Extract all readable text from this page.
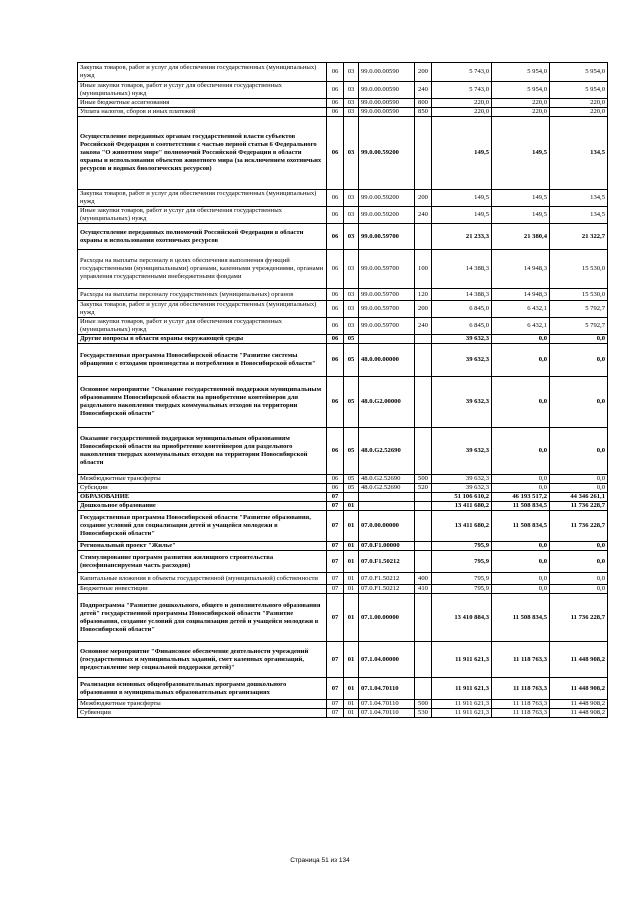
Закупка товаров, работ и услуг для обеспечения государственных (муниципальных) нужд	06	03	99.0.00.00590	200	5 743,0	5 954,0	5 954,0
Иные закупки товаров, работ и услуг для обеспечения государственных (муниципальных) нужд	06	03	99.0.00.00590	240	5 743,0	5 954,0	5 954,0
Иные бюджетные ассигнования	06	03	99.0.00.00590	800	220,0	220,0	220,0
Уплата налогов, сборов и иных платежей	06	03	99.0.00.00590	850	220,0	220,0	220,0
Осуществление переданных органам государственной власти субъектов Российской Федерации в соответствии с частью первой статьи 6 Федерального закона "О животном мире" полномочий Российской Федерации в области охраны и использования объектов животного мира (за исключением охотничьих ресурсов и водных биологических ресурсов)	06	03	99.0.00.59200		149,5	149,5	134,5
Закупка товаров, работ и услуг для обеспечения государственных (муниципальных) нужд	06	03	99.0.00.59200	200	149,5	149,5	134,5
Иные закупки товаров, работ и услуг для обеспечения государственных (муниципальных) нужд	06	03	99.0.00.59200	240	149,5	149,5	134,5
Осуществление переданных полномочий Российской Федерации в области охраны и использования охотничьих ресурсов	06	03	99.0.00.59700		21 233,3	21 380,4	21 322,7
Расходы на выплаты персоналу в целях обеспечения выполнения функций государственными (муниципальными) органами, казенными учреждениями, органами управления государственными внебюджетными фондами	06	03	99.0.00.59700	100	14 388,3	14 948,3	15 530,0
Расходы на выплаты персоналу государственных (муниципальных) органов	06	03	99.0.00.59700	120	14 388,3	14 948,3	15 530,0
Закупка товаров, работ и услуг для обеспечения государственных (муниципальных) нужд	06	03	99.0.00.59700	200	6 845,0	6 432,1	5 792,7
Иные закупки товаров, работ и услуг для обеспечения государственных (муниципальных) нужд	06	03	99.0.00.59700	240	6 845,0	6 432,1	5 792,7
Другие вопросы в области охраны окружающей среды	06	05			39 632,3	0,0	0,0
Государственная программа Новосибирской области "Развитие системы обращения с отходами производства и потребления в Новосибирской области"	06	05	48.0.00.00000		39 632,3	0,0	0,0
Основное мероприятие "Оказание государственной поддержки муниципальным образованиям Новосибирской области на приобретение контейнеров для раздельного накопления твердых коммунальных отходов на территории Новосибирской области"	06	05	48.0.G2.00000		39 632,3	0,0	0,0
Оказание государственной поддержки муниципальным образованиям Новосибирской области на приобретение контейнеров для раздельного накопления твердых коммунальных отходов на территории Новосибирской области	06	05	48.0.G2.52690		39 632,3	0,0	0,0
Межбюджетные трансферты	06	05	48.0.G2.52690	500	39 632,3	0,0	0,0
Субсидии	06	05	48.0.G2.52690	520	39 632,3	0,0	0,0
ОБРАЗОВАНИЕ	07				51 106 610,2	46 193 517,2	44 346 261,1
Дошкольное образование	07	01			13 411 680,2	11 508 834,5	11 736 228,7
Государственная программа Новосибирской области "Развитие образования, создание условий для социализации детей и учащейся молодежи в Новосибирской области"	07	01	07.0.00.00000		13 411 680,2	11 508 834,5	11 736 228,7
Региональный проект "Жилье"	07	01	07.0.F1.00000		795,9	0,0	0,0
Стимулирование программ развития жилищного строительства (несофинансируемая часть расходов)	07	01	07.0.F1.50212		795,9	0,0	0,0
Капитальные вложения в объекты государственной (муниципальной) собственности	07	01	07.0.F1.50212	400	795,9	0,0	0,0
Бюджетные инвестиции	07	01	07.0.F1.50212	410	795,9	0,0	0,0
Подпрограмма "Развитие дошкольного, общего и дополнительного образования детей" государственной программы Новосибирской области "Развитие образования, создание условий для социализации детей и учащейся молодежи в Новосибирской области"	07	01	07.1.00.00000		13 410 884,3	11 508 834,5	11 736 228,7
Основное мероприятие "Финансовое обеспечение деятельности учреждений (государственных и муниципальных заданий, смет казенных организаций, предоставление мер социальной поддержки детей)"	07	01	07.1.04.00000		11 911 621,3	11 118 763,3	11 448 908,2
Реализация основных общеобразовательных программ дошкольного образования в муниципальных образовательных организациях	07	01	07.1.04.70110		11 911 621,3	11 118 763,3	11 448 908,2
Межбюджетные трансферты	07	01	07.1.04.70110	500	11 911 621,3	11 118 763,3	11 448 908,2
Субвенции	07	01	07.1.04.70110	530	11 911 621,3	11 118 763,3	11 448 908,2
Страница 51 из 134
